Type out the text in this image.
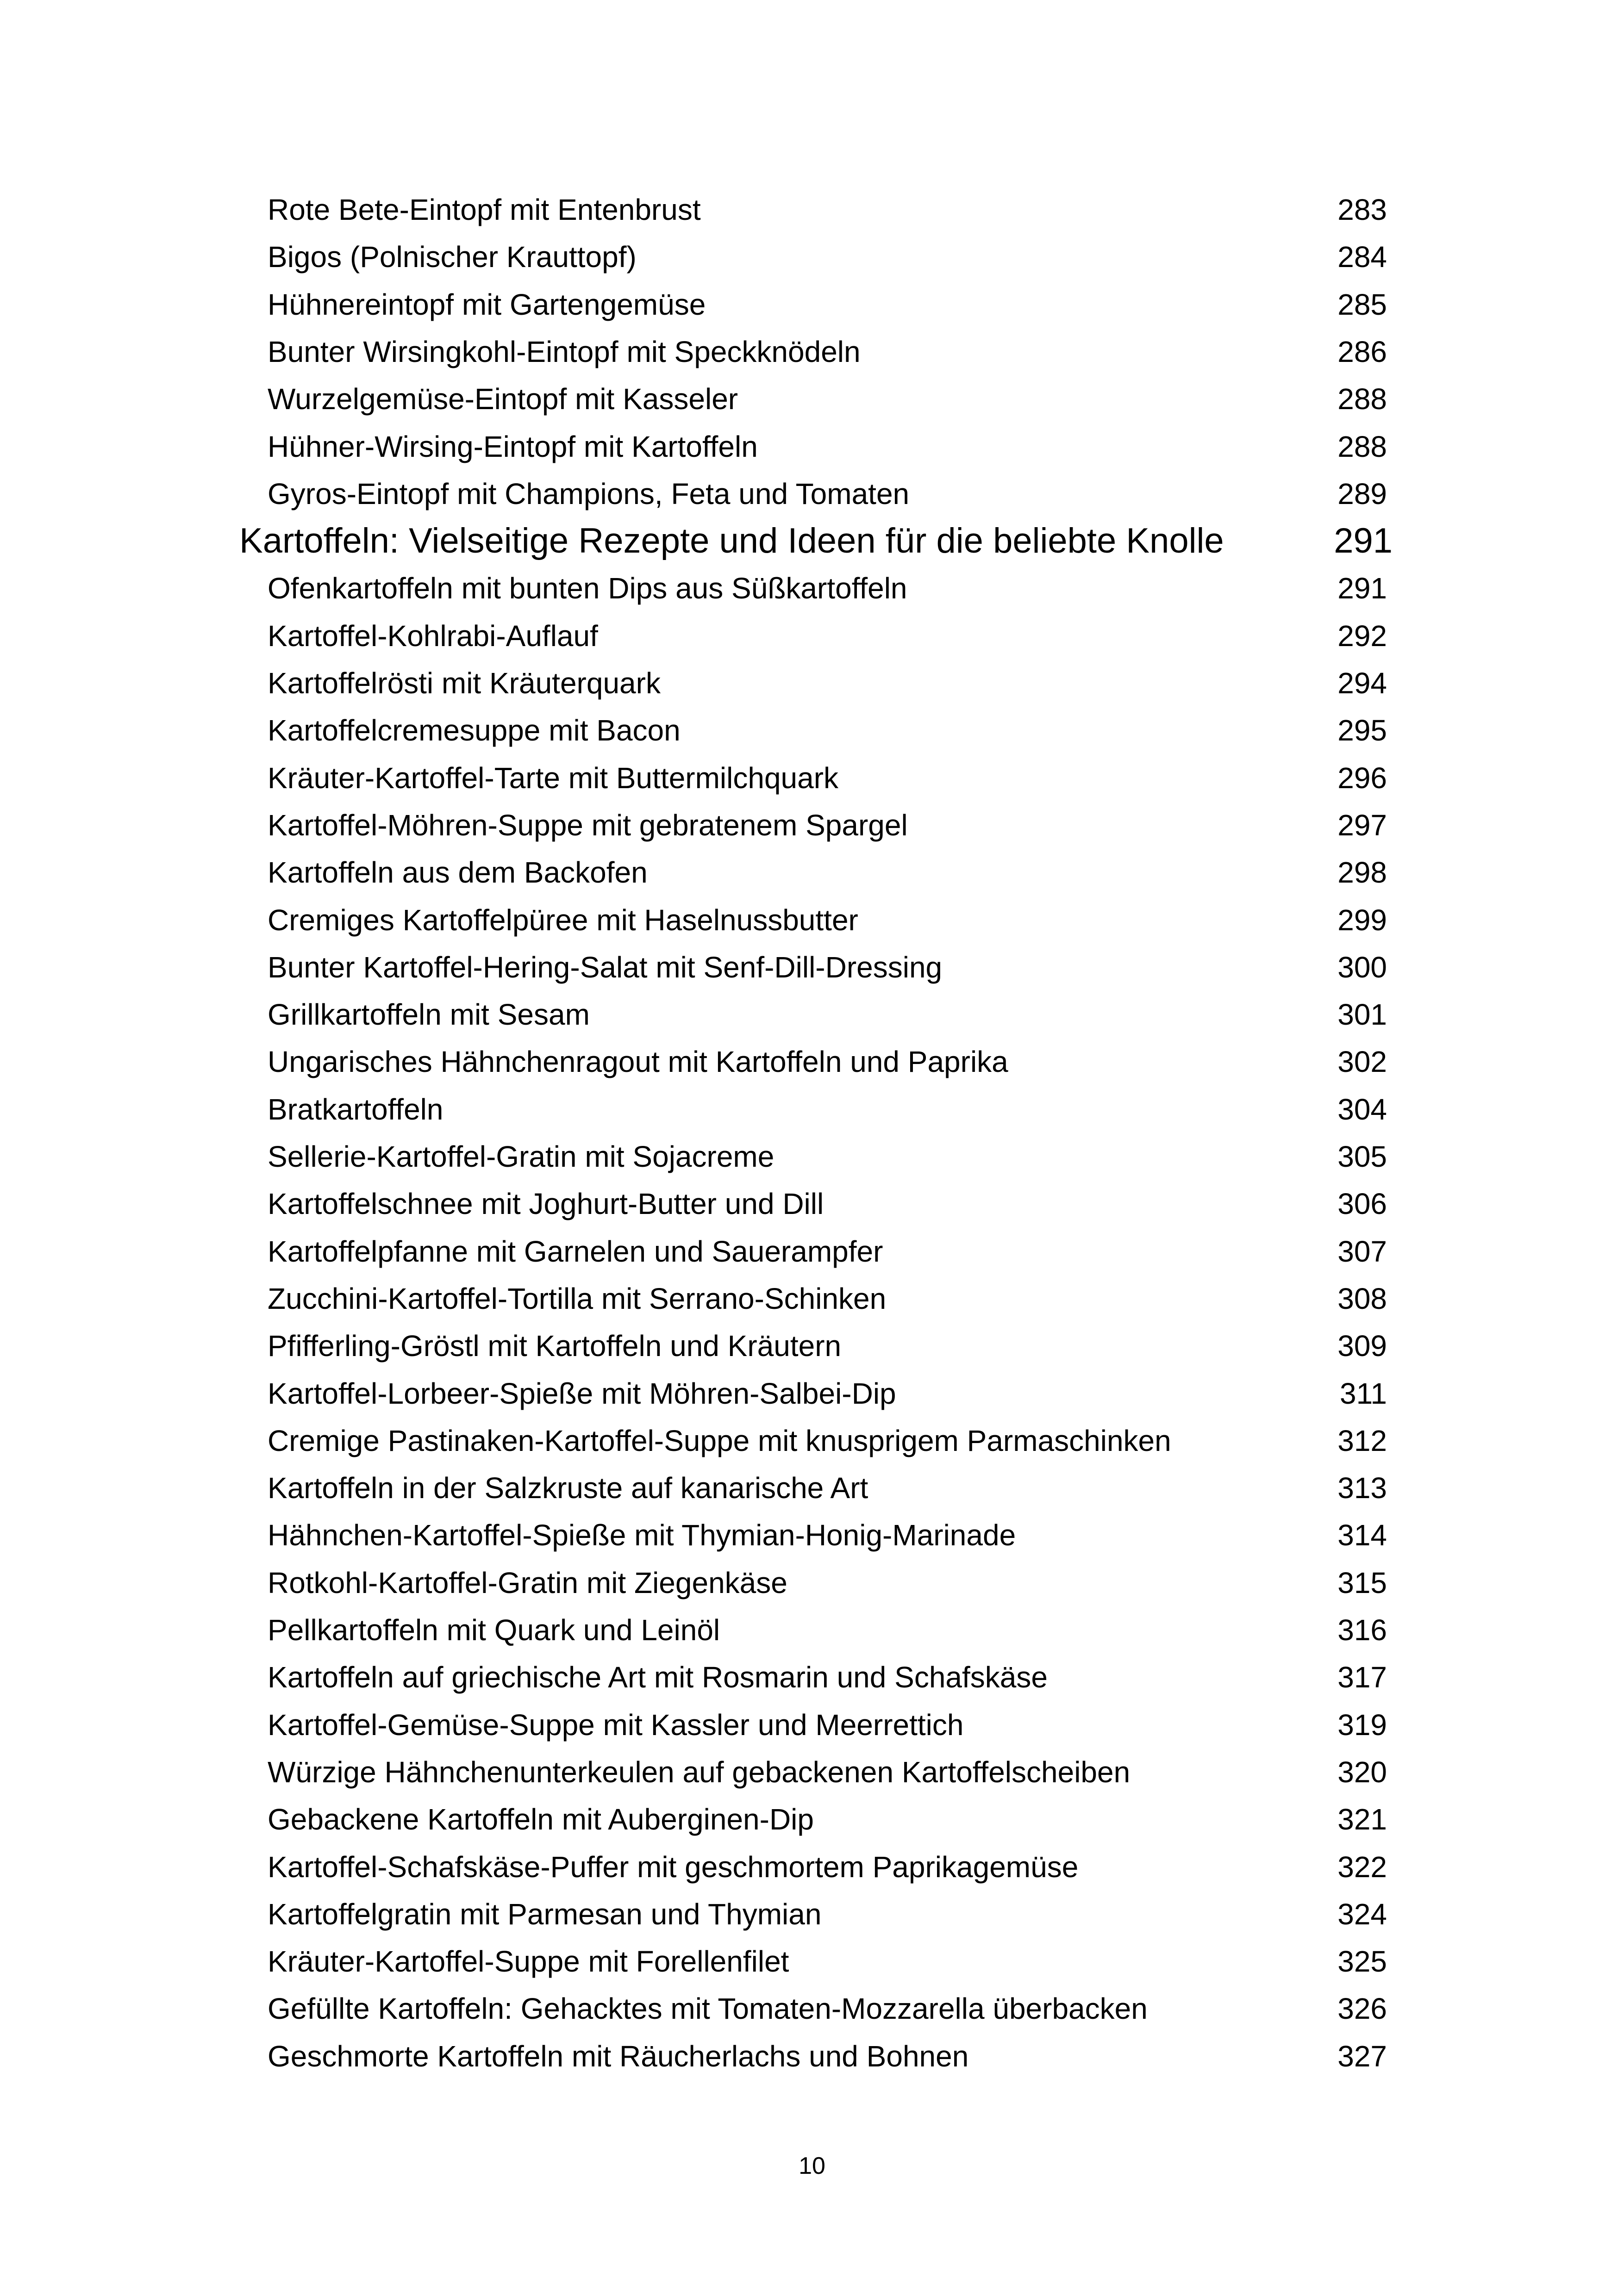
Rote Bete-Eintopf mit Entenbrust	283
Bigos (Polnischer Krauttopf)	284
Hühnereintopf mit Gartengemüse	285
Bunter Wirsingkohl-Eintopf mit Speckknödeln	286
Wurzelgemüse-Eintopf mit Kasseler	288
Hühner-Wirsing-Eintopf mit Kartoffeln	288
Gyros-Eintopf mit Champions, Feta und Tomaten	289
Kartoffeln: Vielseitige Rezepte und Ideen für die beliebte Knolle	291
Ofenkartoffeln mit bunten Dips aus Süßkartoffeln	291
Kartoffel-Kohlrabi-Auflauf	292
Kartoffelrösti mit Kräuterquark	294
Kartoffelcremesuppe mit Bacon	295
Kräuter-Kartoffel-Tarte mit Buttermilchquark	296
Kartoffel-Möhren-Suppe mit gebratenem Spargel	297
Kartoffeln aus dem Backofen	298
Cremiges Kartoffelpüree mit Haselnussbutter	299
Bunter Kartoffel-Hering-Salat mit Senf-Dill-Dressing	300
Grillkartoffeln mit Sesam	301
Ungarisches Hähnchenragout mit Kartoffeln und Paprika	302
Bratkartoffeln	304
Sellerie-Kartoffel-Gratin mit Sojacreme	305
Kartoffelschnee mit Joghurt-Butter und Dill	306
Kartoffelpfanne mit Garnelen und Sauerampfer	307
Zucchini-Kartoffel-Tortilla mit Serrano-Schinken	308
Pfifferling-Gröstl mit Kartoffeln und Kräutern	309
Kartoffel-Lorbeer-Spieße mit Möhren-Salbei-Dip	311
Cremige Pastinaken-Kartoffel-Suppe mit knusprigem Parmaschinken	312
Kartoffeln in der Salzkruste auf kanarische Art	313
Hähnchen-Kartoffel-Spieße mit Thymian-Honig-Marinade	314
Rotkohl-Kartoffel-Gratin mit Ziegenkäse	315
Pellkartoffeln mit Quark und Leinöl	316
Kartoffeln auf griechische Art mit Rosmarin und Schafskäse	317
Kartoffel-Gemüse-Suppe mit Kassler und Meerrettich	319
Würzige Hähnchenunterkeulen auf gebackenen Kartoffelscheiben	320
Gebackene Kartoffeln mit Auberginen-Dip	321
Kartoffel-Schafskäse-Puffer mit geschmortem Paprikagemüse	322
Kartoffelgratin mit Parmesan und Thymian	324
Kräuter-Kartoffel-Suppe mit Forellenfilet	325
Gefüllte Kartoffeln: Gehacktes mit Tomaten-Mozzarella überbacken	326
Geschmorte Kartoffeln mit Räucherlachs und Bohnen	327
10
